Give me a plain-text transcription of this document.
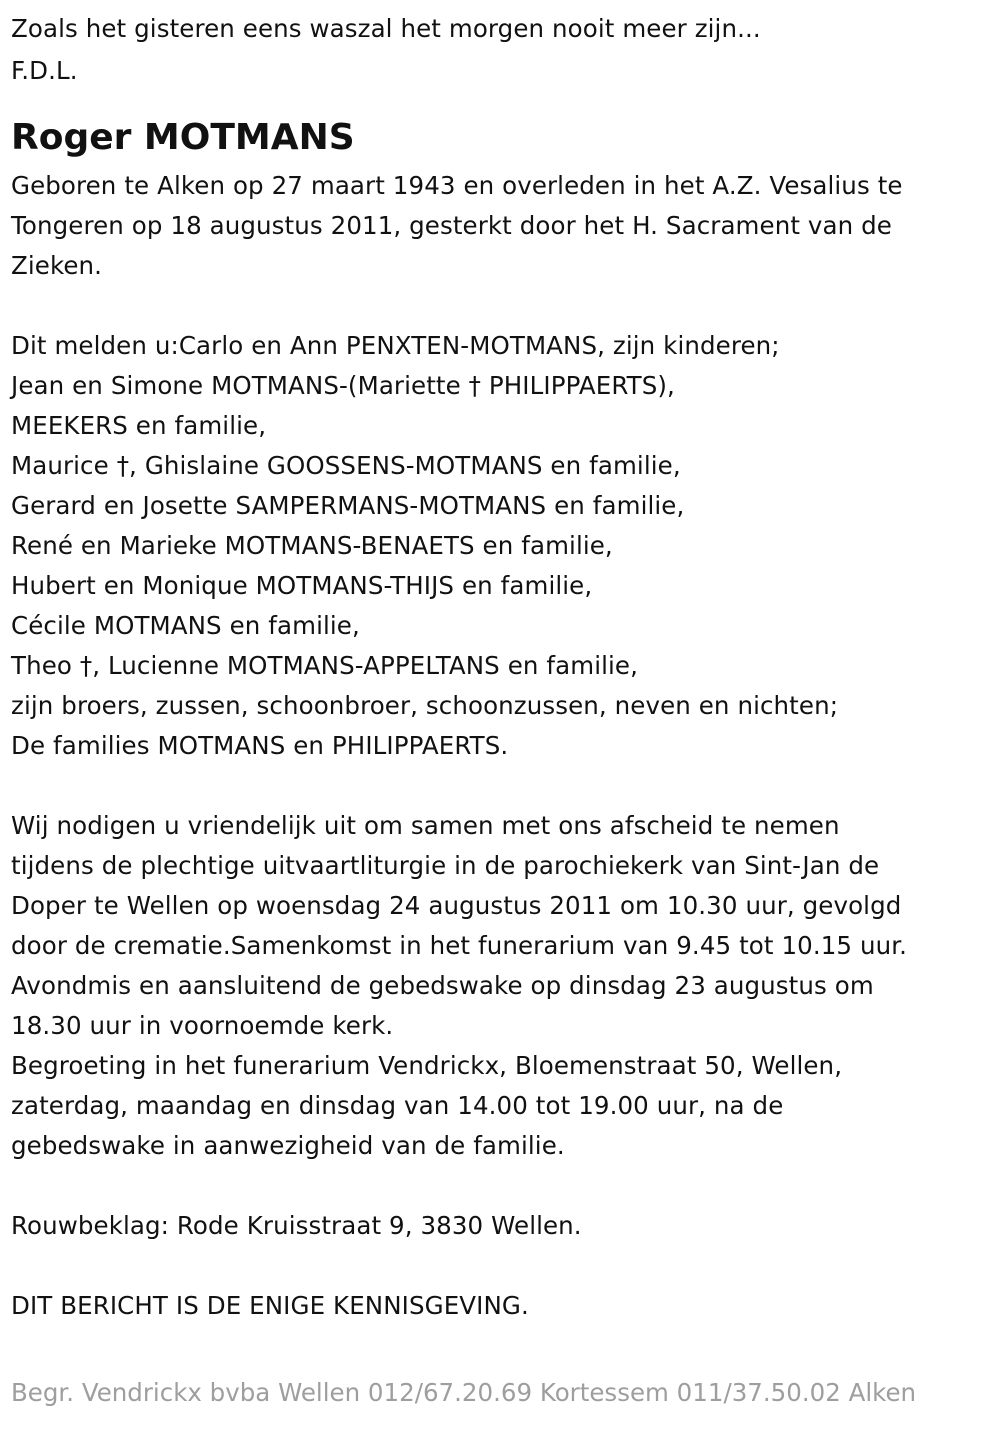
Zoals het gisteren eens waszal het morgen nooit meer zijn...
F.D.L.
Roger MOTMANS
Geboren te Alken op 27 maart 1943 en overleden in het A.Z. Vesalius te
Tongeren op 18 augustus 2011, gesterkt door het H. Sacrament van de
Zieken.
Dit melden u:Carlo en Ann PENXTEN-MOTMANS, zijn kinderen;
Jean en Simone MOTMANS-(Mariette † PHILIPPAERTS),
MEEKERS en familie,
Maurice †, Ghislaine GOOSSENS-MOTMANS en familie,
Gerard en Josette SAMPERMANS-MOTMANS en familie,
René en Marieke MOTMANS-BENAETS en familie,
Hubert en Monique MOTMANS-THIJS en familie,
Cécile MOTMANS en familie,
Theo †, Lucienne MOTMANS-APPELTANS en familie,
zijn broers, zussen, schoonbroer, schoonzussen, neven en nichten;
De families MOTMANS en PHILIPPAERTS.
Wij nodigen u vriendelijk uit om samen met ons afscheid te nemen
tijdens de plechtige uitvaartliturgie in de parochiekerk van Sint-Jan de
Doper te Wellen op woensdag 24 augustus 2011 om 10.30 uur, gevolgd
door de crematie.Samenkomst in het funerarium van 9.45 tot 10.15 uur.
Avondmis en aansluitend de gebedswake op dinsdag 23 augustus om
18.30 uur in voornoemde kerk.
Begroeting in het funerarium Vendrickx, Bloemenstraat 50, Wellen,
zaterdag, maandag en dinsdag van 14.00 tot 19.00 uur, na de
gebedswake in aanwezigheid van de familie.
Rouwbeklag: Rode Kruisstraat 9, 3830 Wellen.
DIT BERICHT IS DE ENIGE KENNISGEVING.
Begr. Vendrickx bvba Wellen 012/67.20.69 Kortessem 011/37.50.02 Alken
